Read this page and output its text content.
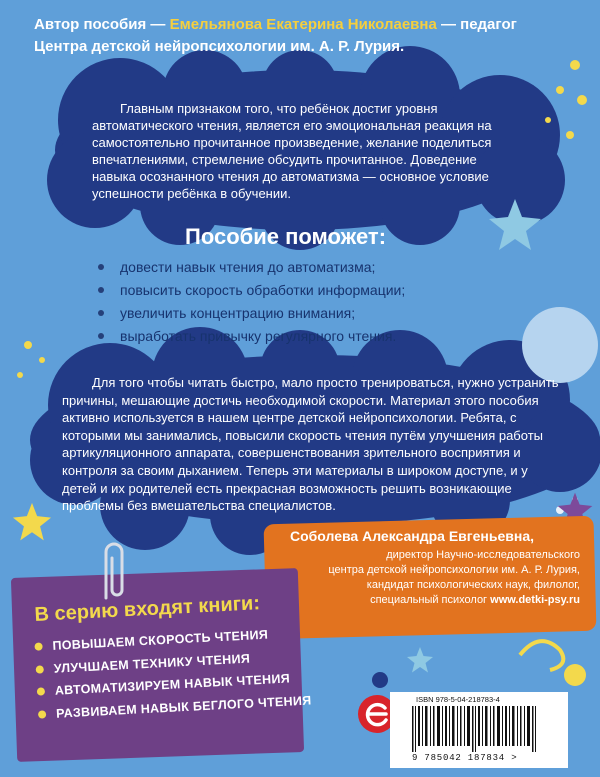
Автор пособия — Емельянова Екатерина Николаевна — педагог
Центра детской нейропсихологии им. А. Р. Лурия.
Главным признаком того, что ребёнок достиг уровня автоматического чтения, является его эмоциональная реакция на самостоятельно прочитанное произведение, желание поделиться впечатлениями, стремление обсудить прочитанное. Доведение навыка осознанного чтения до автоматизма — основное условие успешности ребёнка в обучении.
Пособие поможет:
довести навык чтения до автоматизма;
повысить скорость обработки информации;
увеличить концентрацию внимания;
выработать привычку регулярного чтения.
Для того чтобы читать быстро, мало просто тренироваться, нужно устранить причины, мешающие достичь необходимой скорости. Материал этого пособия активно используется в нашем центре детской нейропсихологии. Ребята, с которыми мы занимались, повысили скорость чтения путём улучшения работы артикуляционного аппарата, совершенствования зрительного восприятия и контроля за своим дыханием. Теперь эти материалы в широком доступе, и у детей и их родителей есть прекрасная возможность решить возникающие проблемы без вмешательства специалистов.
Соболева Александра Евгеньевна,
директор Научно-исследовательского
центра детской нейропсихологии им. А. Р. Лурия,
кандидат психологических наук, филолог,
специальный психолог www.detki-psy.ru
В серию входят книги:
ПОВЫШАЕМ СКОРОСТЬ ЧТЕНИЯ
УЛУЧШАЕМ ТЕХНИКУ ЧТЕНИЯ
АВТОМАТИЗИРУЕМ НАВЫК ЧТЕНИЯ
РАЗВИВАЕМ НАВЫК БЕГЛОГО ЧТЕНИЯ	ISBN 978-5-04-218783-4
9 785042 187834 >
